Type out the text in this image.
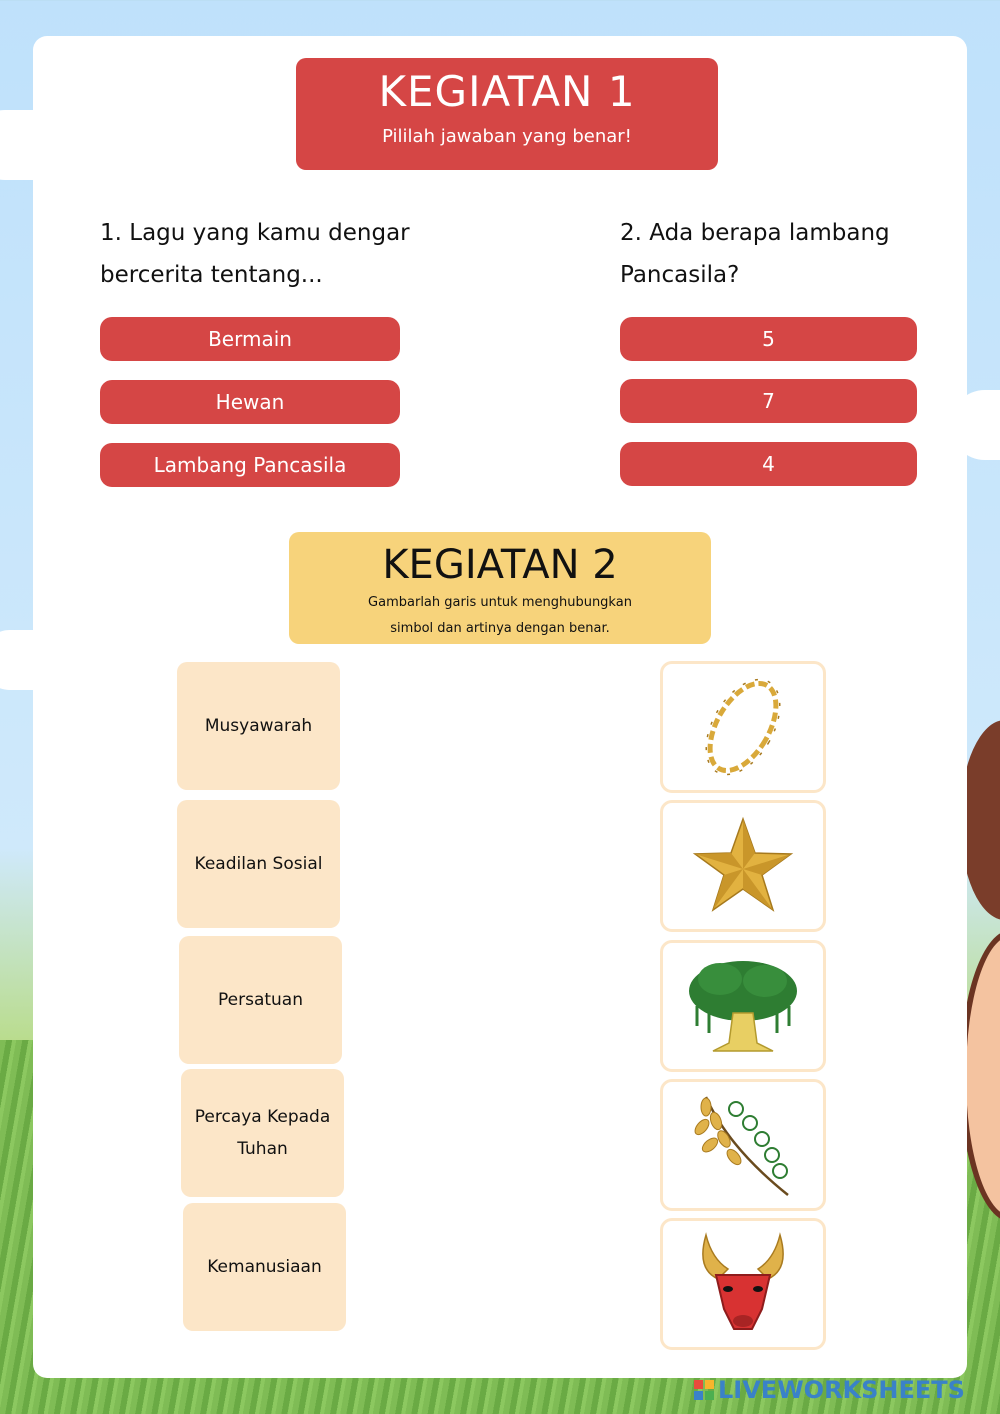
KEGIATAN 1
Pililah jawaban yang benar!
1. Lagu yang kamu dengar bercerita tentang...
2. Ada berapa lambang Pancasila?
Bermain
Hewan
Lambang Pancasila
5
7
4
KEGIATAN 2
Gambarlah garis untuk menghubungkan simbol dan artinya dengan benar.
Musyawarah
Keadilan Sosial
Persatuan
Percaya Kepada Tuhan
Kemanusiaan
LIVEWORKSHEETS
